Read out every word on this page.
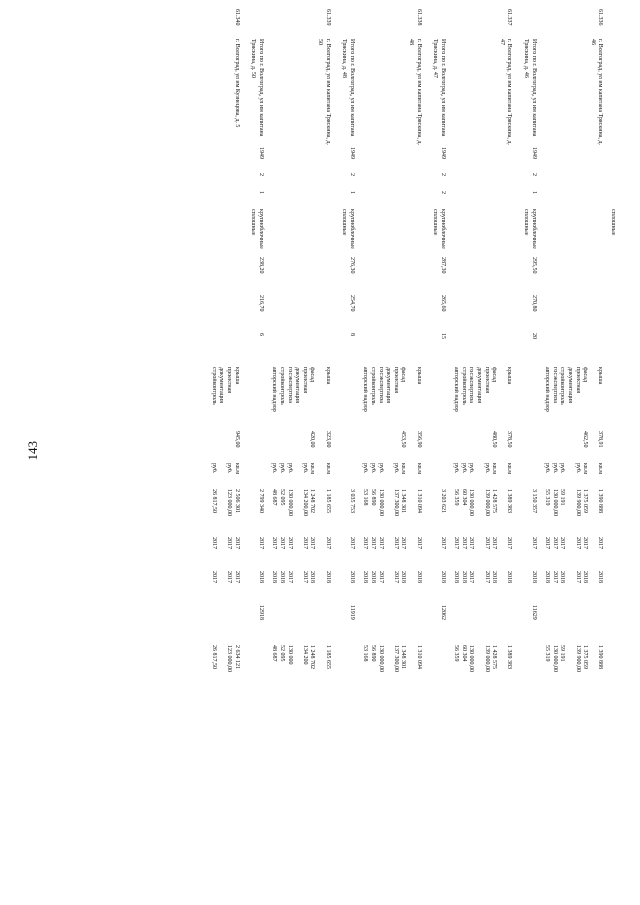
143
					сплошные											
61.336	г. Волгоград, ул им капитана Тряскина, д. 46								крыша	378,91	кв.м	1 390 888	2017	2018		1 390 888
									фасад	462,50	кв.м	1 375 059	2017	2018		1 375 059
									проектная документация		руб.	139 900,00	2017	2017		139 900,00
									стройконтроль		руб.	59 191	2017	2018		59 191
									госэкспертиза		руб.	130 000,00	2017	2017		130 000,00
									авторский надзор		руб.	55 319	2017	2018		55 319
	Итого по г. Волгоград, ул им капитана Тряскина, д. 46	1949	2	1	крупноблочные сплошные	295,50	270,80	20				3 150 357	2017	2018	11629	
61.337	г. Волгоград, ул им капитана Тряскина, д. 47								крыша	378,50	кв.м	1 389 383	2017	2018		1 389 383
									фасад	480,50	кв.м	1 428 575	2017	2018		1 428 575
									проектная документация		руб.	139 000,00	2017	2017		139 000,00
									госэкспертиза		руб.	130 000,00	2017	2017		130 000,00
									стройконтроль		руб.	60 304	2017	2018		60 304
									авторский надзор		руб.	56 359	2017	2018		56 359
	Итого по г. Волгоград, ул им капитана Тряскина, д. 47	1949	2	2	крупноблочные сплошные	287,30	265,60	15				3 203 621	2017	2018	12062	
61.338	г. Волгоград, ул им капитана Тряскина, д. 48								крыша	356,90	кв.м	1 310 094	2017	2018		1 310 094
									фасад	453,50	кв.м	1 348 301	2017	2018		1 348 301
									проектная документация		руб.	137 300,00	2017	2017		137 300,00
									госэкспертиза		руб.	130 000,00	2017	2017		130 000,00
									стройконтроль		руб.	56 890	2017	2018		56 890
									авторский надзор		руб.	53 168	2017	2018		53 168
	Итого по г. Волгоград, ул им капитана Тряскина, д. 48	1949	2	1	крупноблочные сплошные	276,30	254,70	8				3 035 753	2017	2018	11919	
61.339	г. Волгоград, ул им капитана Тряскина, д. 50								крыша	323,00	кв.м	1 185 655	2017	2018		1 185 655
									фасад	420,00	кв.м	1 248 702	2017	2018		1 248 702
									проектная документация		руб.	134 200,00	2017	2017		134 200
									госэкспертиза		руб.	130 000,00	2017	2017		130 000
									стройконтроль		руб.	52 095	2017	2018		52 095
									авторский надзор		руб.	48 687	2017	2018		48 687
	Итого по г. Волгоград, ул им капитана Тряскина, д. 50	1949	2	1	крупноблочные сплошные	238,20	216,70	6				2 799 340	2017	2018	12918	
61.340	г. Волгоград, ул им Кузнецова, д. 5								крыша	945,00	кв.м	2 506 301	2017	2017		2 634 121
									проектная документация		руб.	123 000,00	2017	2017		123 000,00
									стройконтроль		руб.	26 817,50	2017	2017		26 817,50
